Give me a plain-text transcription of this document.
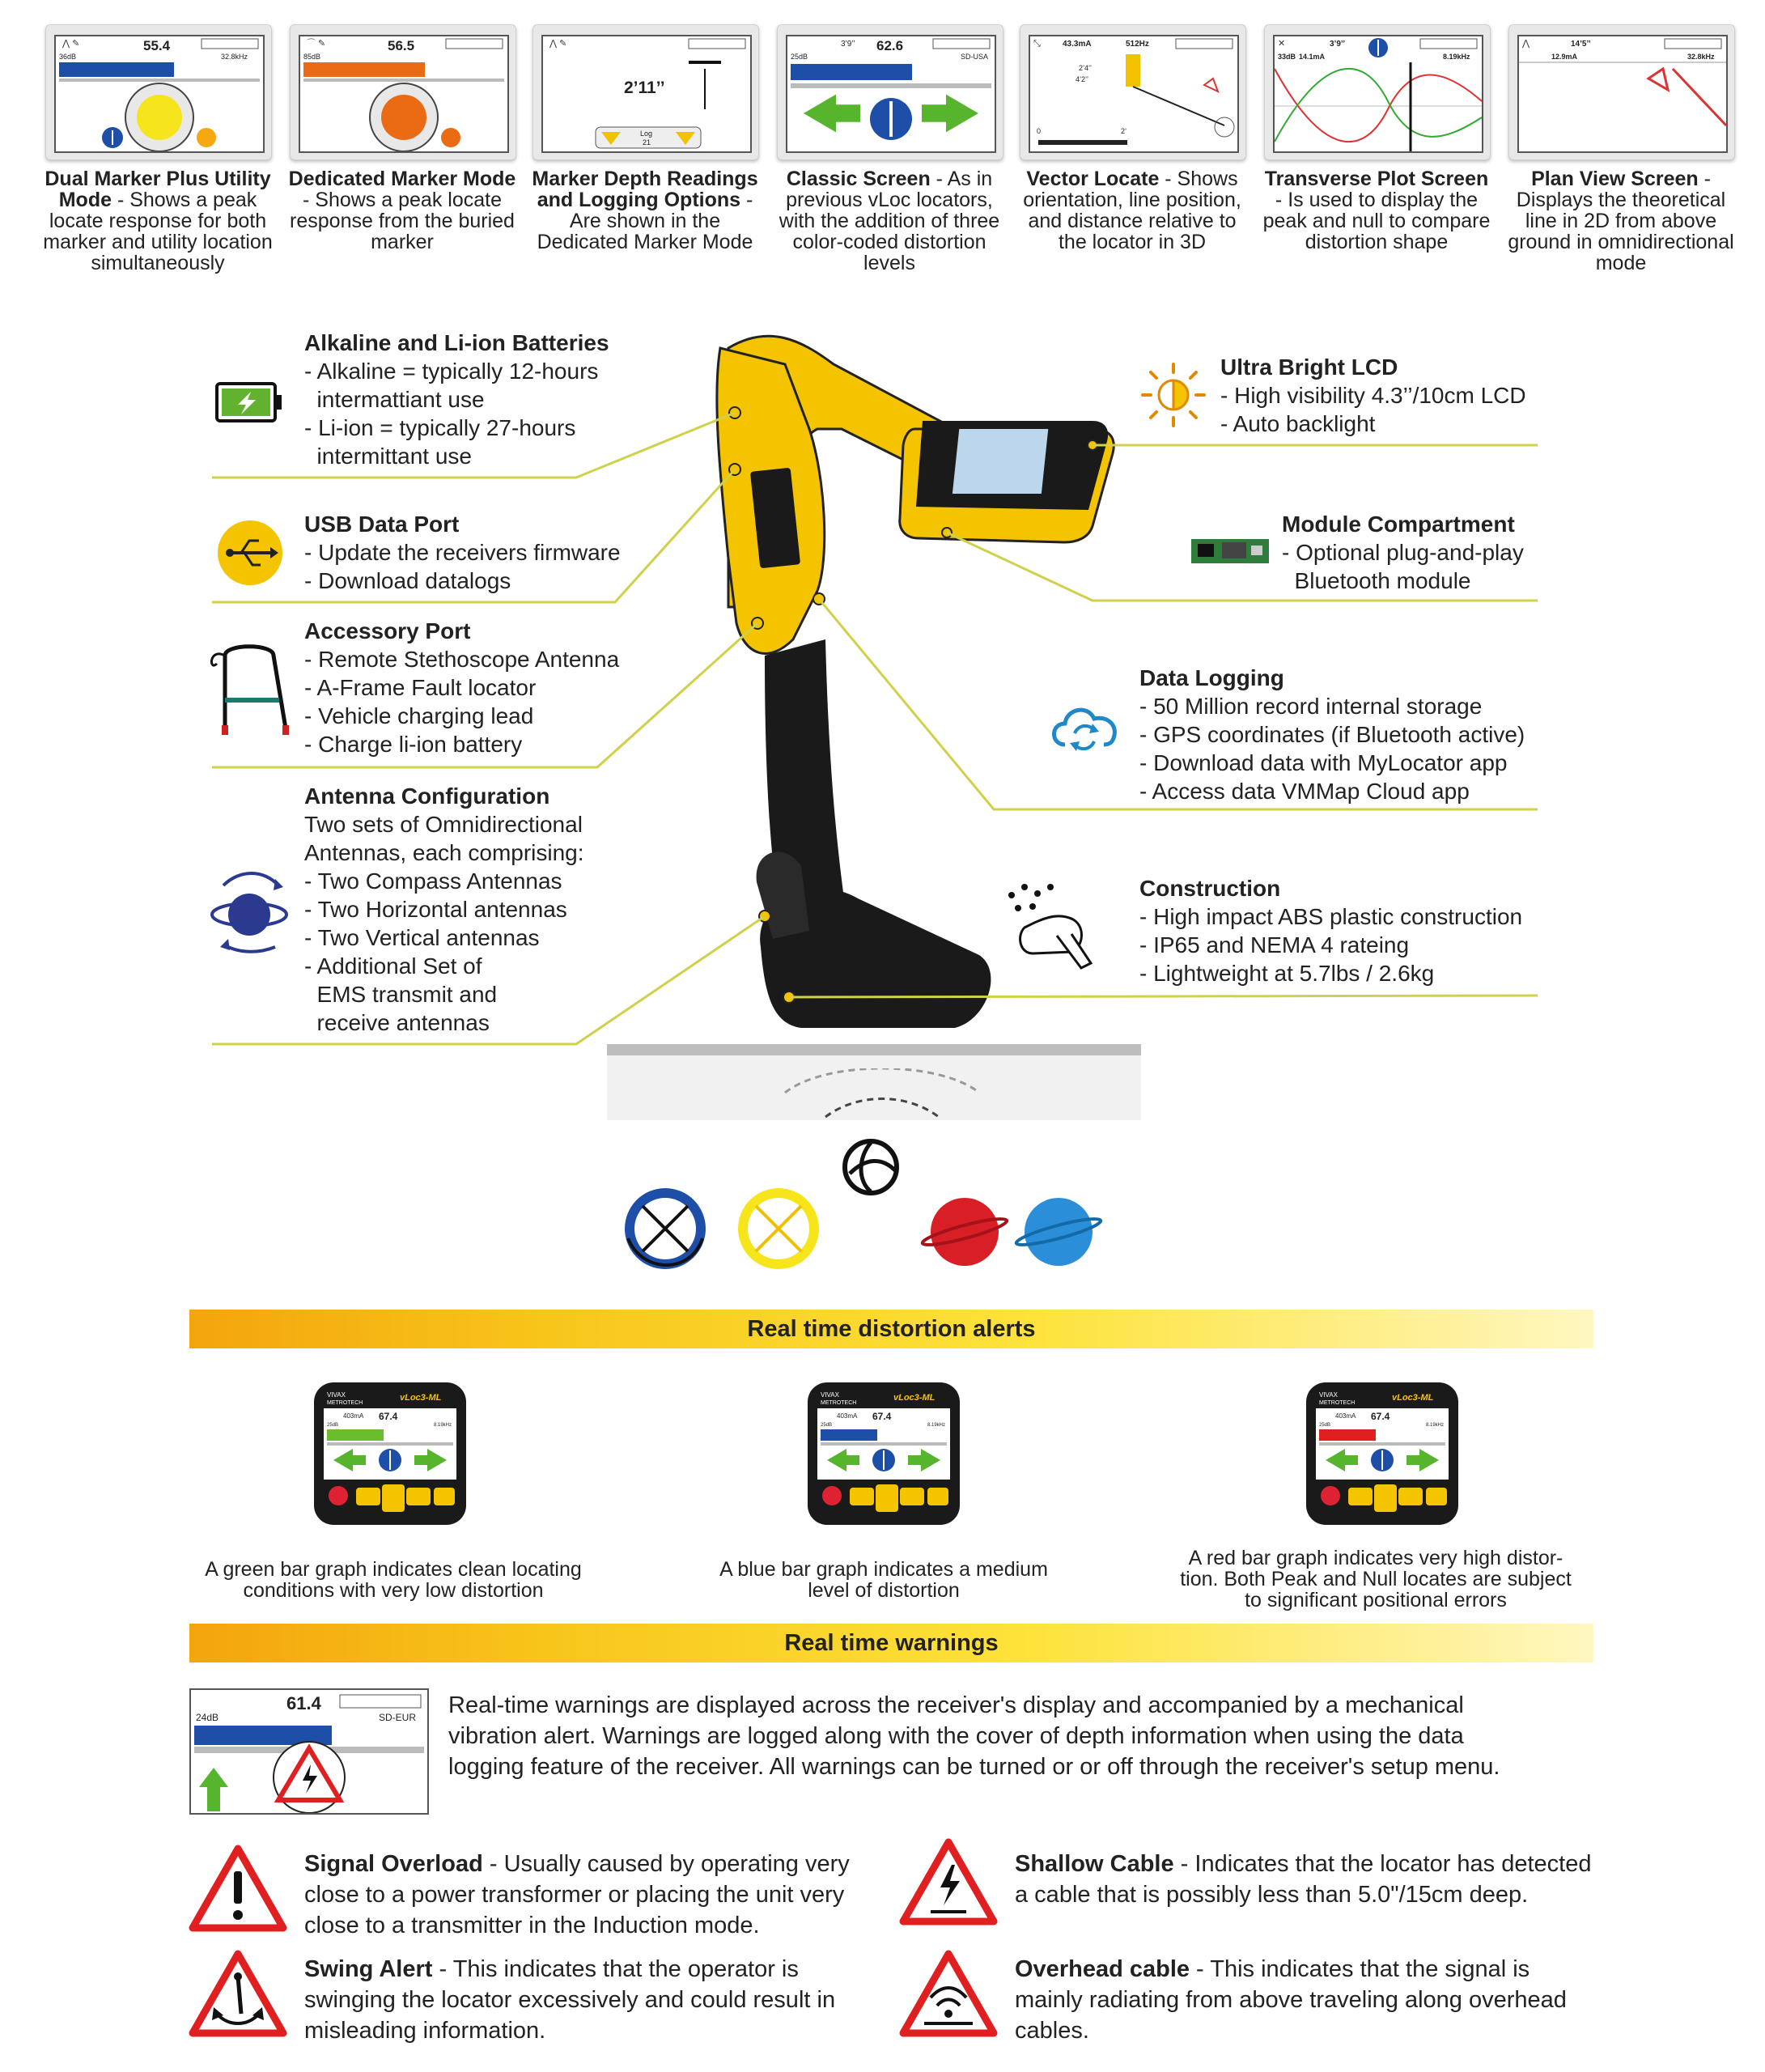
⋀ ✎	55.4
36dB	32.8kHz
⌒ ✎	56.5
85dB
⋀ ✎
2’11’’
Log
21
3’9’’ 62.6
25dB	SD-USA
⤡	43.3mA	512Hz
2’4’’
4’2’’
0	2’
✕	3’9’’
33dB 14.1mA	8.19kHz
⋀	14’5’’
12.9mA	32.8kHz
Dual Marker Plus Utility Mode - Shows a peak locate response for both marker and utility location simultaneously
Dedicated Marker Mode - Shows a peak locate response from the buried marker
Marker Depth Readings and Logging Options - Are shown in the Dedicated Marker Mode
Classic Screen - As in previous vLoc locators, with the addition of three color-coded distortion levels
Vector Locate - Shows orientation, line position, and distance relative to the locator in 3D
Transverse Plot Screen - Is used to display the peak and null to compare distortion shape
Plan View Screen - Displays the theoretical line in 2D from above ground in omnidirectional mode
Alkaline and Li-ion Batteries
- Alkaline = typically 12-hours
intermattiant use
- Li-ion = typically 27-hours
intermittant use
USB Data Port
- Update the receivers firmware
- Download datalogs
Accessory Port
- Remote Stethoscope Antenna
- A-Frame Fault locator
- Vehicle charging lead
- Charge li-ion battery
Antenna Configuration
Two sets of Omnidirectional
Antennas, each comprising:
- Two Compass Antennas
- Two Horizontal antennas
- Two Vertical antennas
- Additional Set of
EMS transmit and
receive antennas
Ultra Bright LCD
- High visibility 4.3’’/10cm LCD
- Auto backlight
Module Compartment
- Optional plug-and-play
Bluetooth module
Data Logging
- 50 Million record internal storage
- GPS coordinates (if Bluetooth active)
- Download data with MyLocator app
- Access data VMMap Cloud app
Construction
- High impact ABS plastic construction
- IP65 and NEMA 4 rateing
- Lightweight at 5.7lbs / 2.6kg
Real time distortion alerts
VIVAX
METROTECH
vLoc3-ML
403mA 67.4
25dB	8.19kHz
VIVAX
METROTECH
vLoc3-ML
403mA 67.4
25dB	8.19kHz
VIVAX
METROTECH
vLoc3-ML
403mA 67.4
25dB	8.19kHz
A green bar graph indicates clean locating conditions with very low distortion
A blue bar graph indicates a medium level of distortion
A red bar graph indicates very high distor-tion. Both Peak and Null locates are subject to significant positional errors
Real time warnings
61.4
24dB	SD-EUR Real-time warnings are displayed across the receiver's display and accompanied by a mechanical vibration alert. Warnings are logged along with the cover of depth information when using the data logging feature of the receiver. All warnings can be turned or or off through the receiver's setup menu.
Signal Overload - Usually caused by operating very close to a power transformer or placing the unit very close to a transmitter in the Induction mode.
Shallow Cable - Indicates that the locator has detected a cable that is possibly less than 5.0"/15cm deep.
Swing Alert - This indicates that the operator is swinging the locator excessively and could result in misleading information.
Overhead cable - This indicates that the signal is mainly radiating from above traveling along overhead cables.
